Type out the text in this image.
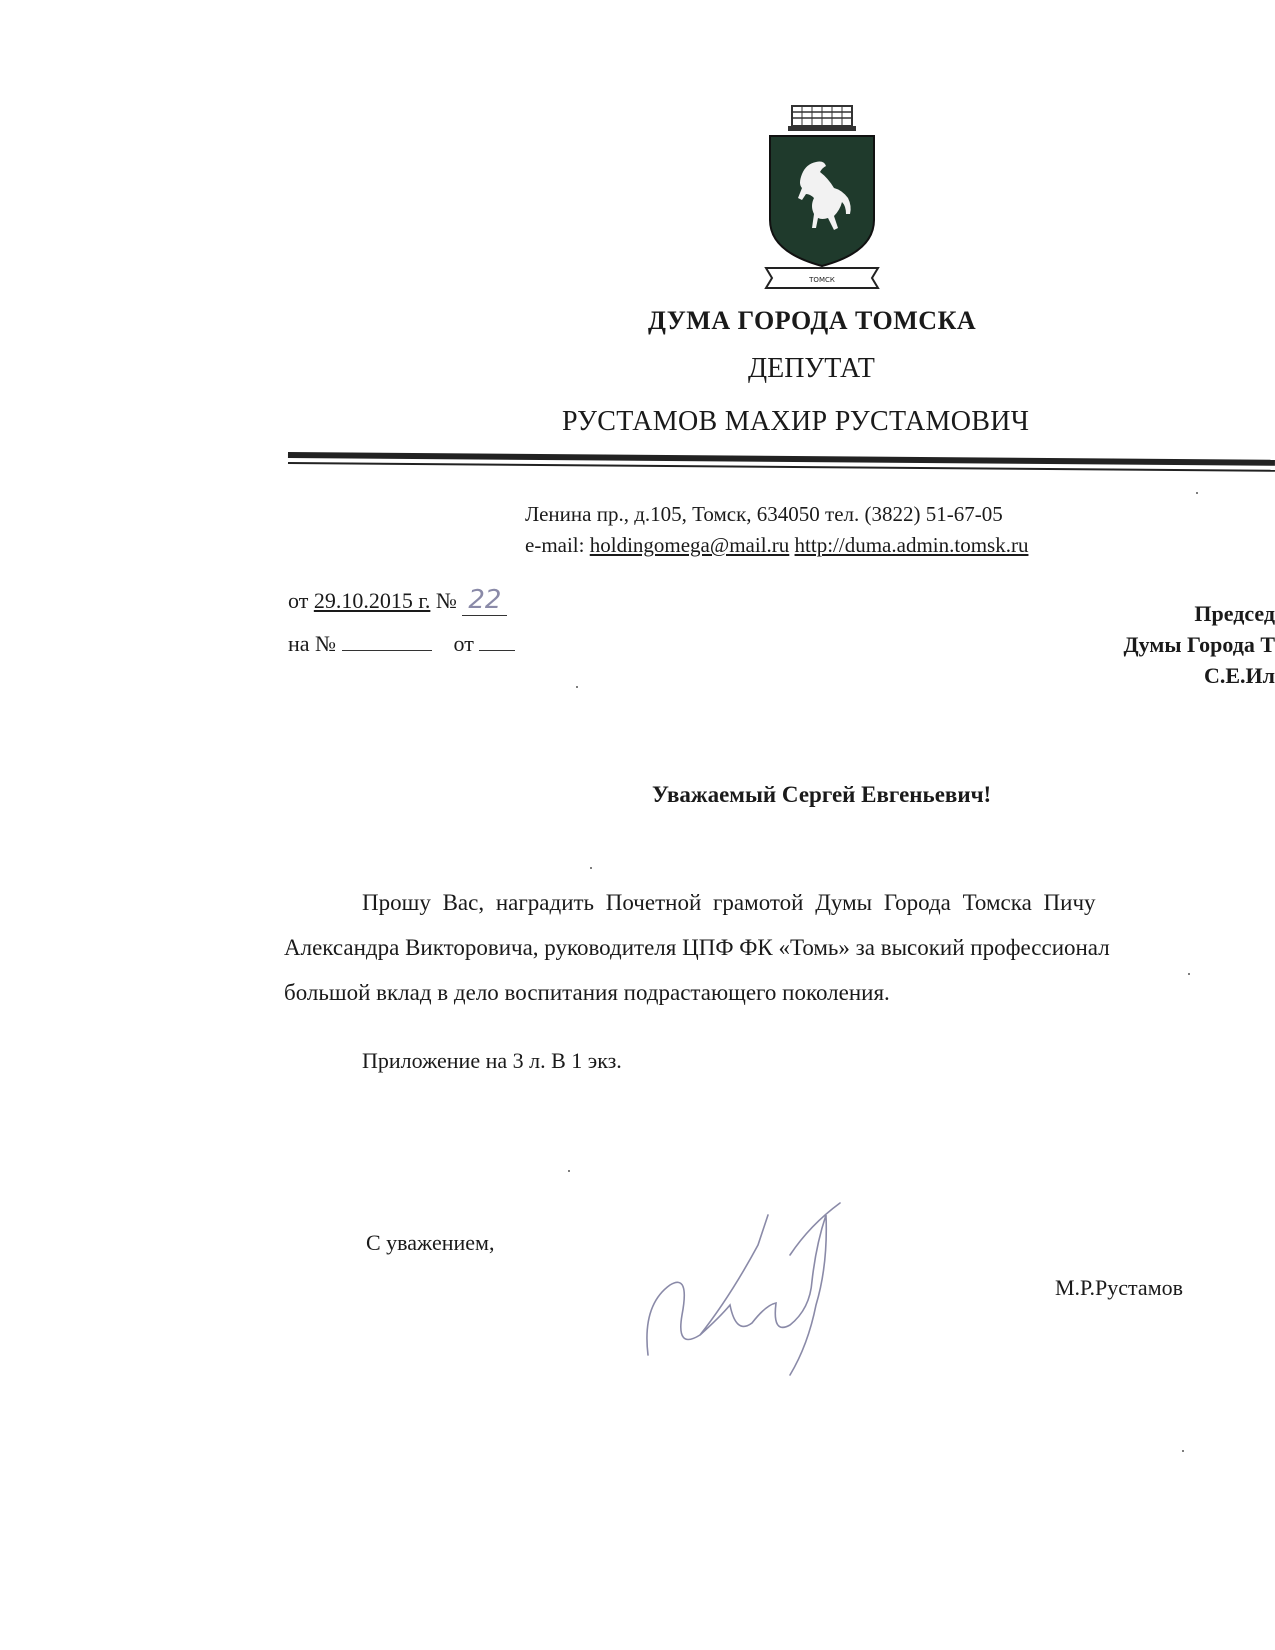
ТОМСК
ДУМА ГОРОДА ТОМСКА
ДЕПУТАТ
РУСТАМОВ МАХИР РУСТАМОВИЧ
Ленина пр., д.105, Томск, 634050 тел. (3822) 51-67-05
e-mail: holdingomega@mail.ru http://duma.admin.tomsk.ru
от 29.10.2015 г. № 22
на №	от
Председ
Думы Города Т
С.Е.Ил
Уважаемый Сергей Евгеньевич!

Прошу Вас, наградить Почетной грамотой Думы Города Томска Пичу

Александра Викторовича, руководителя ЦПФ ФК «Томь» за высокий профессионал

большой вклад в дело воспитания подрастающего поколения.

Приложение на 3 л. В 1 экз.
С уважением,
М.Р.Рустамов
